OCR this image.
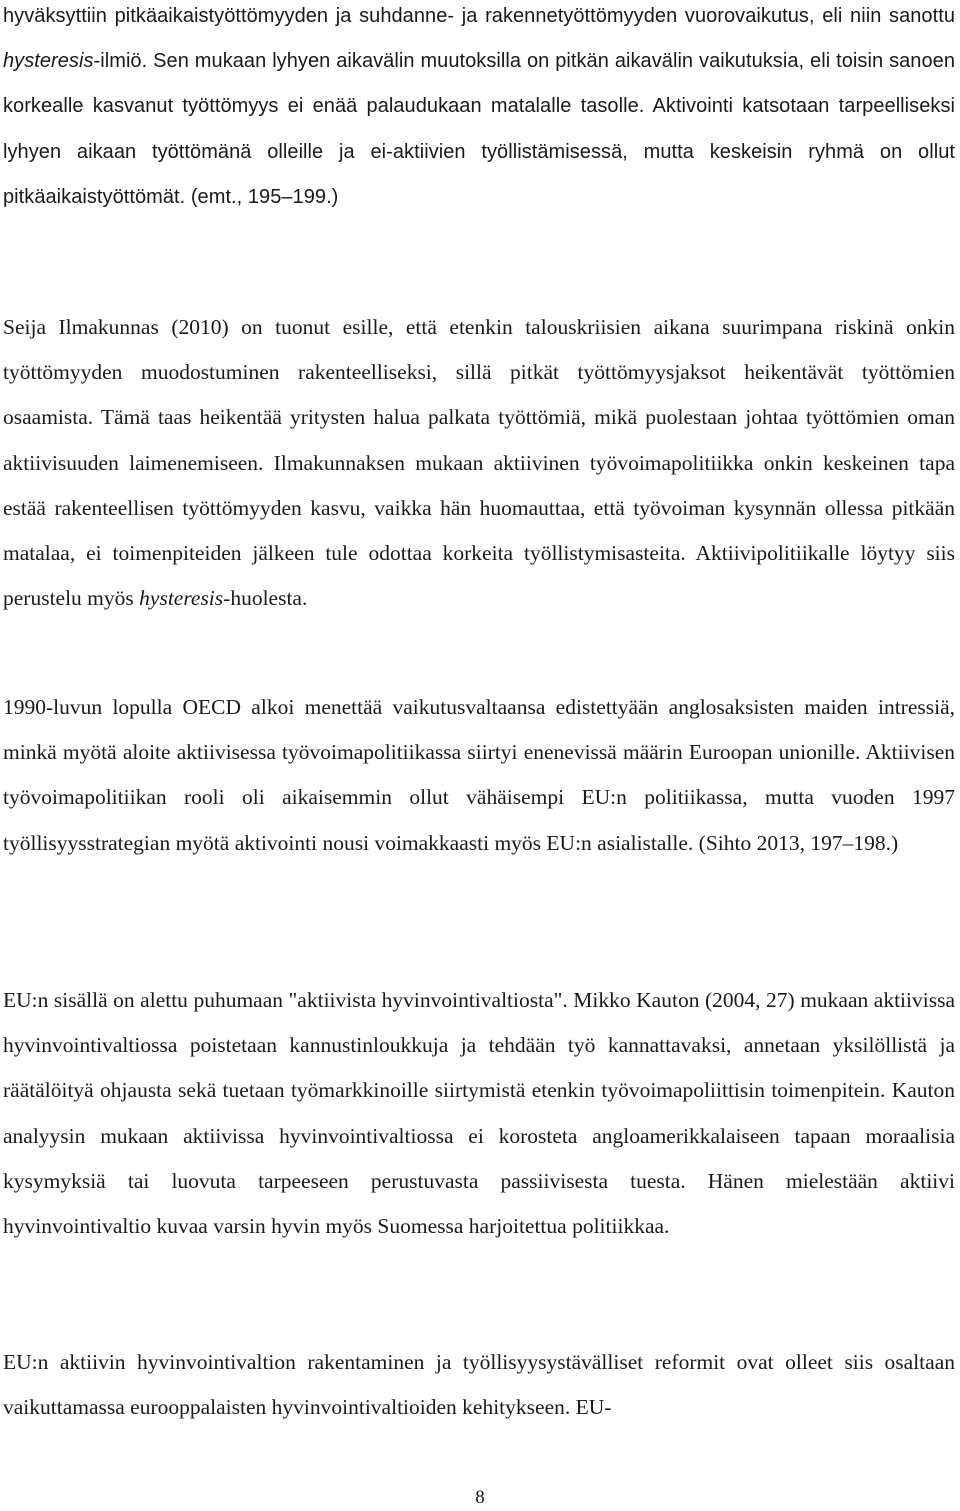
hyväksyttiin pitkäaikaistyöttömyyden ja suhdanne- ja rakennetyöttömyyden vuorovaikutus, eli niin sanottu hysteresis-ilmiö. Sen mukaan lyhyen aikavälin muutoksilla on pitkän aikavälin vaikutuksia, eli toisin sanoen korkealle kasvanut työttömyys ei enää palaudukaan matalalle tasolle. Aktivointi katsotaan tarpeelliseksi lyhyen aikaan työttömänä olleille ja ei-aktiivien työllistämisessä, mutta keskeisin ryhmä on ollut pitkäaikaistyöttömät. (emt., 195–199.)

Seija Ilmakunnas (2010) on tuonut esille, että etenkin talouskriisien aikana suurimpana riskinä onkin työttömyyden muodostuminen rakenteelliseksi, sillä pitkät työttömyysjaksot heikentävät työttömien osaamista. Tämä taas heikentää yritysten halua palkata työttömiä, mikä puolestaan johtaa työttömien oman aktiivisuuden laimenemiseen. Ilmakunnaksen mukaan aktiivinen työvoimapolitiikka onkin keskeinen tapa estää rakenteellisen työttömyyden kasvu, vaikka hän huomauttaa, että työvoiman kysynnän ollessa pitkään matalaa, ei toimenpiteiden jälkeen tule odottaa korkeita työllistymisasteita. Aktiivipolitiikalle löytyy siis perustelu myös hysteresis-huolesta.

1990-luvun lopulla OECD alkoi menettää vaikutusvaltaansa edistettyään anglosaksisten maiden intressiä, minkä myötä aloite aktiivisessa työvoimapolitiikassa siirtyi enenevissä määrin Euroopan unionille. Aktiivisen työvoimapolitiikan rooli oli aikaisemmin ollut vähäisempi EU:n politiikassa, mutta vuoden 1997 työllisyysstrategian myötä aktivointi nousi voimakkaasti myös EU:n asialistalle. (Sihto 2013, 197–198.)

EU:n sisällä on alettu puhumaan "aktiivista hyvinvointivaltiosta". Mikko Kauton (2004, 27) mukaan aktiivissa hyvinvointivaltiossa poistetaan kannustinloukkuja ja tehdään työ kannattavaksi, annetaan yksilöllistä ja räätälöityä ohjausta sekä tuetaan työmarkkinoille siirtymistä etenkin työvoimapoliittisin toimenpitein. Kauton analyysin mukaan aktiivissa hyvinvointivaltiossa ei korosteta angloamerikkalaiseen tapaan moraalisia kysymyksiä tai luovuta tarpeeseen perustuvasta passiivisesta tuesta. Hänen mielestään aktiivi hyvinvointivaltio kuvaa varsin hyvin myös Suomessa harjoitettua politiikkaa.

EU:n aktiivin hyvinvointivaltion rakentaminen ja työllisyysystävälliset reformit ovat olleet siis osaltaan vaikuttamassa eurooppalaisten hyvinvointivaltioiden kehitykseen. EU-

8
